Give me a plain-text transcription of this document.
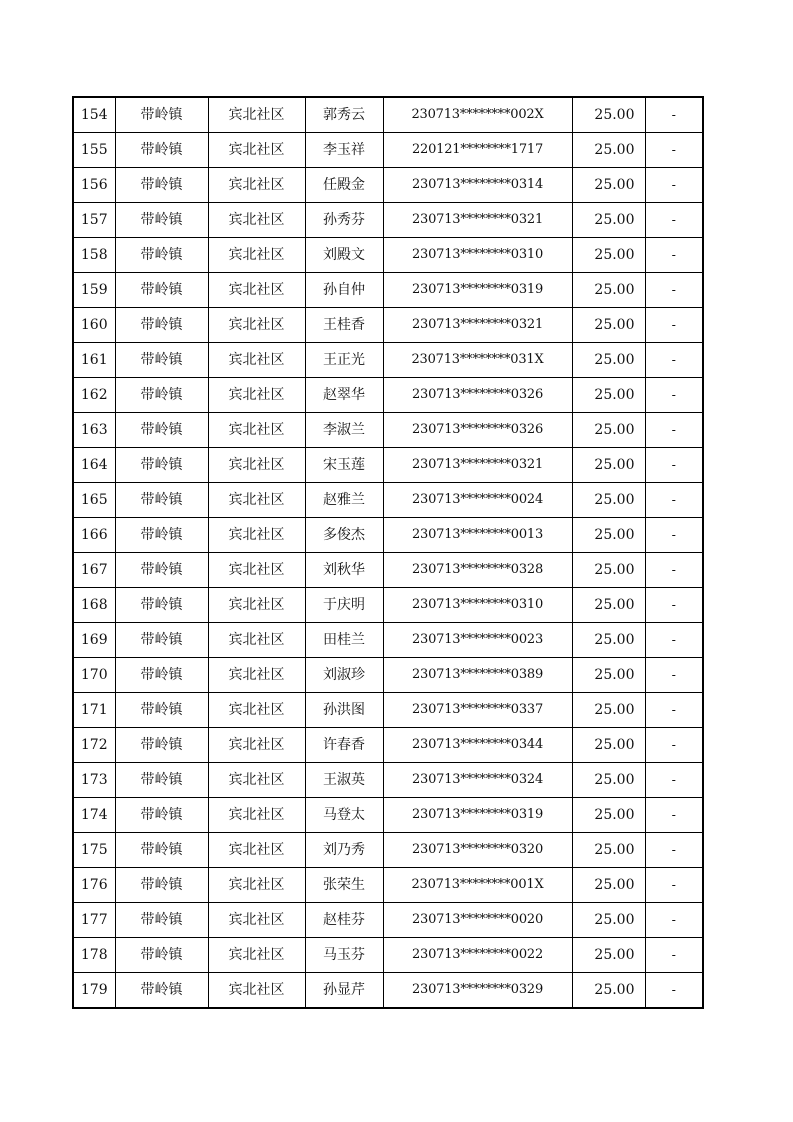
154	带岭镇	宾北社区	郭秀云	230713********002X	25.00	-
155	带岭镇	宾北社区	李玉祥	220121********1717	25.00	-
156	带岭镇	宾北社区	任殿金	230713********0314	25.00	-
157	带岭镇	宾北社区	孙秀芬	230713********0321	25.00	-
158	带岭镇	宾北社区	刘殿文	230713********0310	25.00	-
159	带岭镇	宾北社区	孙自仲	230713********0319	25.00	-
160	带岭镇	宾北社区	王桂香	230713********0321	25.00	-
161	带岭镇	宾北社区	王正光	230713********031X	25.00	-
162	带岭镇	宾北社区	赵翠华	230713********0326	25.00	-
163	带岭镇	宾北社区	李淑兰	230713********0326	25.00	-
164	带岭镇	宾北社区	宋玉莲	230713********0321	25.00	-
165	带岭镇	宾北社区	赵雅兰	230713********0024	25.00	-
166	带岭镇	宾北社区	多俊杰	230713********0013	25.00	-
167	带岭镇	宾北社区	刘秋华	230713********0328	25.00	-
168	带岭镇	宾北社区	于庆明	230713********0310	25.00	-
169	带岭镇	宾北社区	田桂兰	230713********0023	25.00	-
170	带岭镇	宾北社区	刘淑珍	230713********0389	25.00	-
171	带岭镇	宾北社区	孙洪图	230713********0337	25.00	-
172	带岭镇	宾北社区	许春香	230713********0344	25.00	-
173	带岭镇	宾北社区	王淑英	230713********0324	25.00	-
174	带岭镇	宾北社区	马登太	230713********0319	25.00	-
175	带岭镇	宾北社区	刘乃秀	230713********0320	25.00	-
176	带岭镇	宾北社区	张荣生	230713********001X	25.00	-
177	带岭镇	宾北社区	赵桂芬	230713********0020	25.00	-
178	带岭镇	宾北社区	马玉芬	230713********0022	25.00	-
179	带岭镇	宾北社区	孙显芹	230713********0329	25.00	-
